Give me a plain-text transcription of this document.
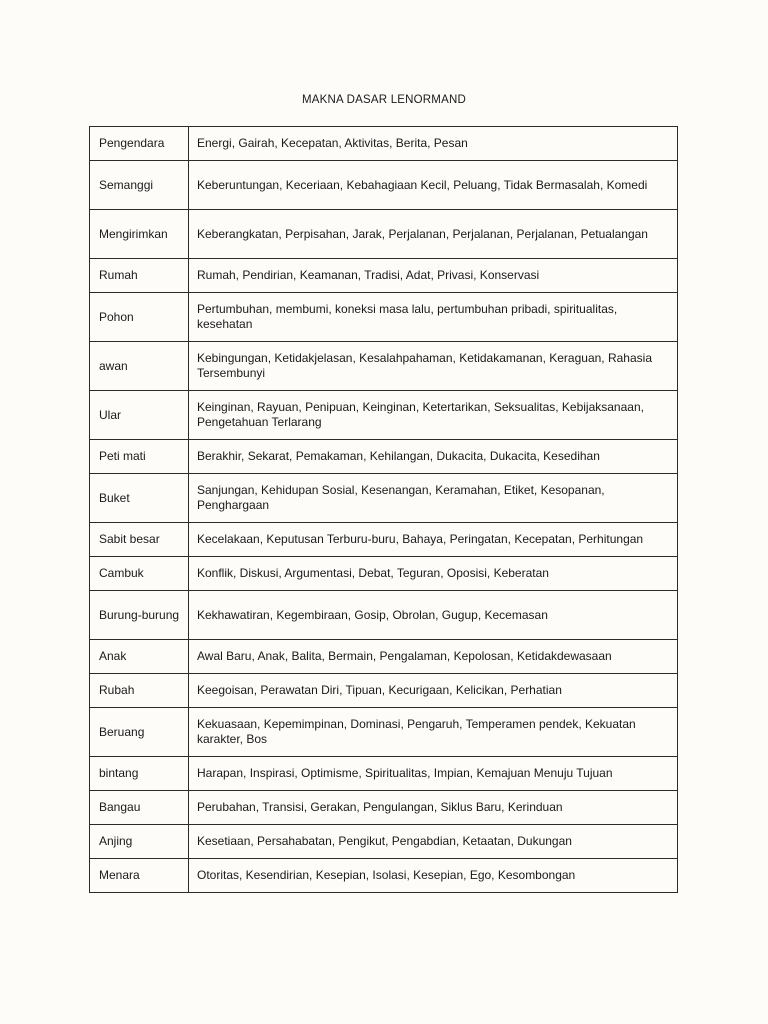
MAKNA DASAR LENORMAND
Pengendara	Energi, Gairah, Kecepatan, Aktivitas, Berita, Pesan
Semanggi	Keberuntungan, Keceriaan, Kebahagiaan Kecil, Peluang, Tidak Bermasalah, Komedi
Mengirimkan	Keberangkatan, Perpisahan, Jarak, Perjalanan, Perjalanan, Perjalanan, Petualangan
Rumah	Rumah, Pendirian, Keamanan, Tradisi, Adat, Privasi, Konservasi
Pohon	Pertumbuhan, membumi, koneksi masa lalu, pertumbuhan pribadi, spiritualitas, kesehatan
awan	Kebingungan, Ketidakjelasan, Kesalahpahaman, Ketidakamanan, Keraguan, Rahasia Tersembunyi
Ular	Keinginan, Rayuan, Penipuan, Keinginan, Ketertarikan, Seksualitas, Kebijaksanaan, Pengetahuan Terlarang
Peti mati	Berakhir, Sekarat, Pemakaman, Kehilangan, Dukacita, Dukacita, Kesedihan
Buket	Sanjungan, Kehidupan Sosial, Kesenangan, Keramahan, Etiket, Kesopanan, Penghargaan
Sabit besar	Kecelakaan, Keputusan Terburu-buru, Bahaya, Peringatan, Kecepatan, Perhitungan
Cambuk	Konflik, Diskusi, Argumentasi, Debat, Teguran, Oposisi, Keberatan
Burung-burung	Kekhawatiran, Kegembiraan, Gosip, Obrolan, Gugup, Kecemasan
Anak	Awal Baru, Anak, Balita, Bermain, Pengalaman, Kepolosan, Ketidakdewasaan
Rubah	Keegoisan, Perawatan Diri, Tipuan, Kecurigaan, Kelicikan, Perhatian
Beruang	Kekuasaan, Kepemimpinan, Dominasi, Pengaruh, Temperamen pendek, Kekuatan karakter, Bos
bintang	Harapan, Inspirasi, Optimisme, Spiritualitas, Impian, Kemajuan Menuju Tujuan
Bangau	Perubahan, Transisi, Gerakan, Pengulangan, Siklus Baru, Kerinduan
Anjing	Kesetiaan, Persahabatan, Pengikut, Pengabdian, Ketaatan, Dukungan
Menara	Otoritas, Kesendirian, Kesepian, Isolasi, Kesepian, Ego, Kesombongan
